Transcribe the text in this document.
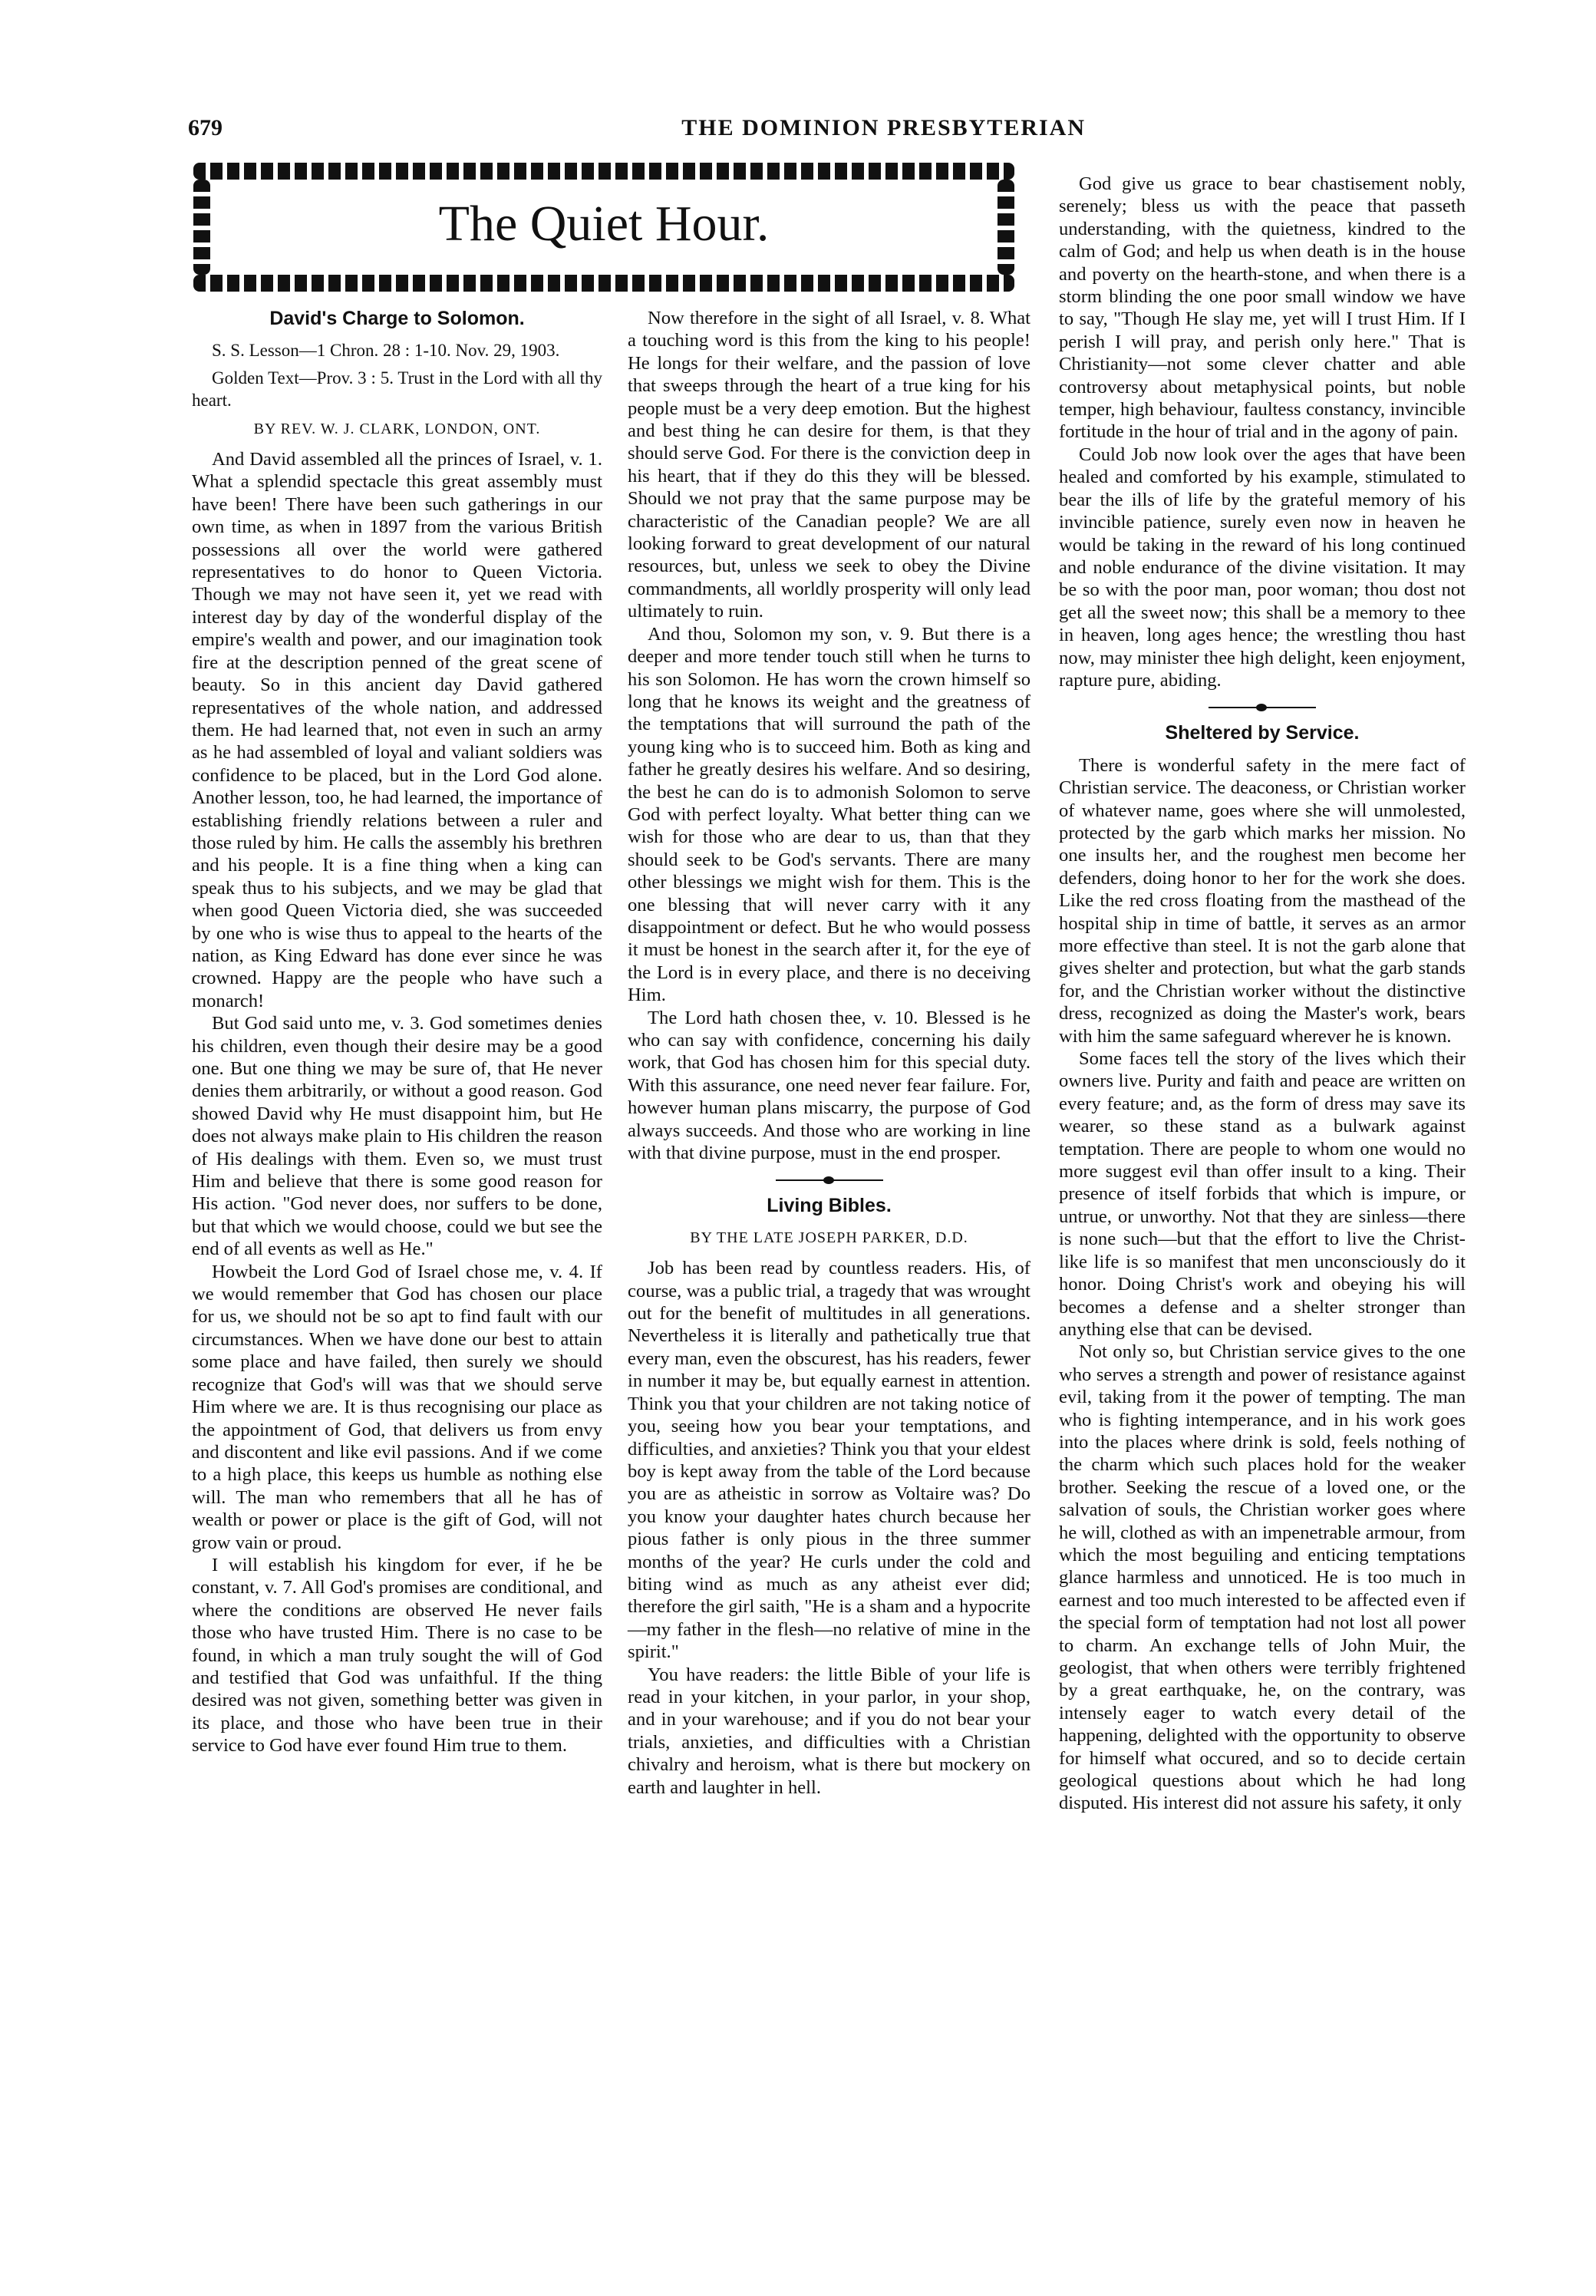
679	THE DOMINION PRESBYTERIAN
The Quiet Hour.
David's Charge to Solomon.

S. S. Lesson—1 Chron. 28 : 1-10. Nov. 29, 1903.

Golden Text—Prov. 3 : 5. Trust in the Lord with all thy heart.

BY REV. W. J. CLARK, LONDON, ONT.

And David assembled all the princes of Israel, v. 1. What a splendid spectacle this great assembly must have been! There have been such gatherings in our own time, as when in 1897 from the various British possessions all over the world were gathered representatives to do honor to Queen Victoria. Though we may not have seen it, yet we read with interest day by day of the wonderful display of the empire's wealth and power, and our imagination took fire at the description penned of the great scene of beauty. So in this ancient day David gathered representatives of the whole nation, and addressed them. He had learned that, not even in such an army as he had assembled of loyal and valiant soldiers was confidence to be placed, but in the Lord God alone. Another lesson, too, he had learned, the importance of establishing friendly relations between a ruler and those ruled by him. He calls the assembly his brethren and his people. It is a fine thing when a king can speak thus to his subjects, and we may be glad that when good Queen Victoria died, she was succeeded by one who is wise thus to appeal to the hearts of the nation, as King Edward has done ever since he was crowned. Happy are the people who have such a monarch!

But God said unto me, v. 3. God sometimes denies his children, even though their desire may be a good one. But one thing we may be sure of, that He never denies them arbitrarily, or without a good reason. God showed David why He must disappoint him, but He does not always make plain to His children the reason of His dealings with them. Even so, we must trust Him and believe that there is some good reason for His action. "God never does, nor suffers to be done, but that which we would choose, could we but see the end of all events as well as He."

Howbeit the Lord God of Israel chose me, v. 4. If we would remember that God has chosen our place for us, we should not be so apt to find fault with our circumstances. When we have done our best to attain some place and have failed, then surely we should recognize that God's will was that we should serve Him where we are. It is thus recognising our place as the appointment of God, that delivers us from envy and discontent and like evil passions. And if we come to a high place, this keeps us humble as nothing else will. The man who remembers that all he has of wealth or power or place is the gift of God, will not grow vain or proud.

I will establish his kingdom for ever, if he be constant, v. 7. All God's promises are conditional, and where the conditions are observed He never fails those who have trusted Him. There is no case to be found, in which a man truly sought the will of God and testified that God was unfaithful. If the thing desired was not given, something better was given in its place, and those who have been true in their service to God have ever found Him true to them.

Now therefore in the sight of all Israel, v. 8. What a touching word is this from the king to his people! He longs for their welfare, and the passion of love that sweeps through the heart of a true king for his people must be a very deep emotion. But the highest and best thing he can desire for them, is that they should serve God. For there is the conviction deep in his heart, that if they do this they will be blessed. Should we not pray that the same purpose may be characteristic of the Canadian people? We are all looking forward to great development of our natural resources, but, unless we seek to obey the Divine commandments, all worldly prosperity will only lead ultimately to ruin.

And thou, Solomon my son, v. 9. But there is a deeper and more tender touch still when he turns to his son Solomon. He has worn the crown himself so long that he knows its weight and the greatness of the temptations that will surround the path of the young king who is to succeed him. Both as king and father he greatly desires his welfare. And so desiring, the best he can do is to admonish Solomon to serve God with perfect loyalty. What better thing can we wish for those who are dear to us, than that they should seek to be God's servants. There are many other blessings we might wish for them. This is the one blessing that will never carry with it any disappointment or defect. But he who would possess it must be honest in the search after it, for the eye of the Lord is in every place, and there is no deceiving Him.

The Lord hath chosen thee, v. 10. Blessed is he who can say with confidence, concerning his daily work, that God has chosen him for this special duty. With this assurance, one need never fear failure. For, however human plans miscarry, the purpose of God always succeeds. And those who are working in line with that divine purpose, must in the end prosper.

Living Bibles.
BY THE LATE JOSEPH PARKER, D.D.

Job has been read by countless readers. His, of course, was a public trial, a tragedy that was wrought out for the benefit of multitudes in all generations. Nevertheless it is literally and pathetically true that every man, even the obscurest, has his readers, fewer in number it may be, but equally earnest in attention. Think you that your children are not taking notice of you, seeing how you bear your temptations, and difficulties, and anxieties? Think you that your eldest boy is kept away from the table of the Lord because you are as atheistic in sorrow as Voltaire was? Do you know your daughter hates church because her pious father is only pious in the three summer months of the year? He curls under the cold and biting wind as much as any atheist ever did; therefore the girl saith, "He is a sham and a hypocrite—my father in the flesh—no relative of mine in the spirit."

You have readers: the little Bible of your life is read in your kitchen, in your parlor, in your shop, and in your warehouse; and if you do not bear your trials, anxieties, and difficulties with a Christian chivalry and heroism, what is there but mockery on earth and laughter in hell.

God give us grace to bear chastisement nobly, serenely; bless us with the peace that passeth understanding, with the quietness, kindred to the calm of God; and help us when death is in the house and poverty on the hearth-stone, and when there is a storm blinding the one poor small window we have to say, "Though He slay me, yet will I trust Him. If I perish I will pray, and perish only here." That is Christianity—not some clever chatter and able controversy about metaphysical points, but noble temper, high behaviour, faultess constancy, invincible fortitude in the hour of trial and in the agony of pain.

Could Job now look over the ages that have been healed and comforted by his example, stimulated to bear the ills of life by the grateful memory of his invincible patience, surely even now in heaven he would be taking in the reward of his long continued and noble endurance of the divine visitation. It may be so with the poor man, poor woman; thou dost not get all the sweet now; this shall be a memory to thee in heaven, long ages hence; the wrestling thou hast now, may minister thee high delight, keen enjoyment, rapture pure, abiding.

Sheltered by Service.

There is wonderful safety in the mere fact of Christian service. The deaconess, or Christian worker of whatever name, goes where she will unmolested, protected by the garb which marks her mission. No one insults her, and the roughest men become her defenders, doing honor to her for the work she does. Like the red cross floating from the masthead of the hospital ship in time of battle, it serves as an armor more effective than steel. It is not the garb alone that gives shelter and protection, but what the garb stands for, and the Christian worker without the distinctive dress, recognized as doing the Master's work, bears with him the same safeguard wherever he is known.

Some faces tell the story of the lives which their owners live. Purity and faith and peace are written on every feature; and, as the form of dress may save its wearer, so these stand as a bulwark against temptation. There are people to whom one would no more suggest evil than offer insult to a king. Their presence of itself forbids that which is impure, or untrue, or unworthy. Not that they are sinless—there is none such—but that the effort to live the Christ-like life is so manifest that men unconsciously do it honor. Doing Christ's work and obeying his will becomes a defense and a shelter stronger than anything else that can be devised.

Not only so, but Christian service gives to the one who serves a strength and power of resistance against evil, taking from it the power of tempting. The man who is fighting intemperance, and in his work goes into the places where drink is sold, feels nothing of the charm which such places hold for the weaker brother. Seeking the rescue of a loved one, or the salvation of souls, the Christian worker goes where he will, clothed as with an impenetrable armour, from which the most beguiling and enticing temptations glance harmless and unnoticed. He is too much in earnest and too much interested to be affected even if the special form of temptation had not lost all power to charm. An exchange tells of John Muir, the geologist, that when others were terribly frightened by a great earthquake, he, on the contrary, was intensely eager to watch every detail of the happening, delighted with the opportunity to observe for himself what occured, and so to decide certain geological questions about which he had long disputed. His interest did not assure his safety, it only
